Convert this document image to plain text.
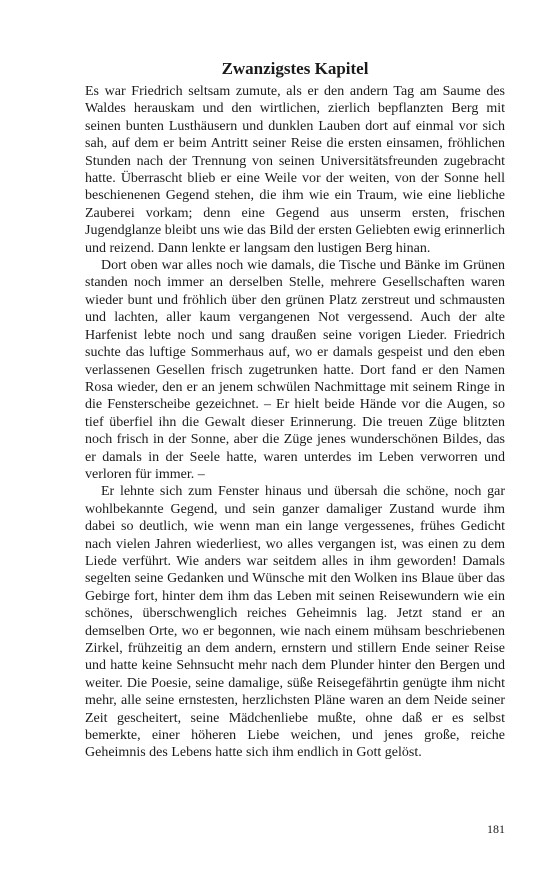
Zwanzigstes Kapitel

Es war Friedrich seltsam zumute, als er den andern Tag am Saume des Waldes herauskam und den wirtlichen, zierlich bepflanzten Berg mit seinen bunten Lusthäusern und dunklen Lauben dort auf einmal vor sich sah, auf dem er beim Antritt seiner Reise die ersten einsamen, fröhlichen Stunden nach der Trennung von seinen Universitätsfreunden zugebracht hatte. Überrascht blieb er eine Weile vor der weiten, von der Sonne hell beschienenen Gegend stehen, die ihm wie ein Traum, wie eine liebliche Zauberei vorkam; denn eine Gegend aus unserm ersten, frischen Jugendglanze bleibt uns wie das Bild der ersten Geliebten ewig erinnerlich und reizend. Dann lenkte er langsam den lustigen Berg hinan.

Dort oben war alles noch wie damals, die Tische und Bänke im Grünen standen noch immer an derselben Stelle, mehrere Gesellschaften waren wieder bunt und fröhlich über den grünen Platz zerstreut und schmausten und lachten, aller kaum vergangenen Not vergessend. Auch der alte Harfenist lebte noch und sang draußen seine vorigen Lieder. Friedrich suchte das luftige Sommerhaus auf, wo er damals gespeist und den eben verlassenen Gesellen frisch zugetrunken hatte. Dort fand er den Namen Rosa wieder, den er an jenem schwülen Nachmittage mit seinem Ringe in die Fensterscheibe gezeichnet. – Er hielt beide Hände vor die Augen, so tief überfiel ihn die Gewalt dieser Erinnerung. Die treuen Züge blitzten noch frisch in der Sonne, aber die Züge jenes wunderschönen Bildes, das er damals in der Seele hatte, waren unterdes im Leben verworren und verloren für immer. –

Er lehnte sich zum Fenster hinaus und übersah die schöne, noch gar wohlbekannte Gegend, und sein ganzer damaliger Zustand wurde ihm dabei so deutlich, wie wenn man ein lange vergessenes, frühes Gedicht nach vielen Jahren wiederliest, wo alles vergangen ist, was einen zu dem Liede verführt. Wie anders war seitdem alles in ihm geworden! Damals segelten seine Gedanken und Wünsche mit den Wolken ins Blaue über das Gebirge fort, hinter dem ihm das Leben mit seinen Reisewundern wie ein schönes, überschwenglich reiches Geheimnis lag. Jetzt stand er an demselben Orte, wo er begonnen, wie nach einem mühsam beschriebenen Zirkel, frühzeitig an dem andern, ernstern und stillern Ende seiner Reise und hatte keine Sehnsucht mehr nach dem Plunder hinter den Bergen und weiter. Die Poesie, seine damalige, süße Reisegefährtin genügte ihm nicht mehr, alle seine ernstesten, herzlichsten Pläne waren an dem Neide seiner Zeit gescheitert, seine Mädchenliebe mußte, ohne daß er es selbst bemerkte, einer höheren Liebe weichen, und jenes große, reiche Geheimnis des Lebens hatte sich ihm endlich in Gott gelöst.

181
